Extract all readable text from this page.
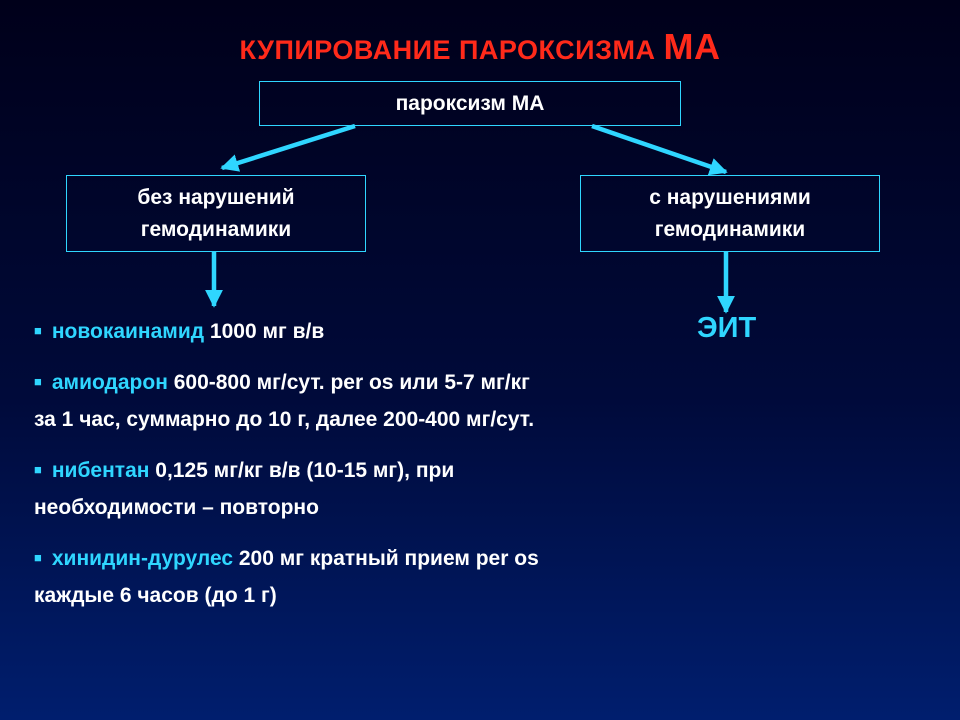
КУПИРОВАНИЕ ПАРОКСИЗМА МА
пароксизм МА
без нарушений
гемодинамики
с нарушениями
гемодинамики
ЭИТ
■ новокаинамид 1000 мг в/в
■ амиодарон 600-800 мг/сут. per os или 5-7 мг/кг за 1 час, суммарно до 10 г, далее 200-400 мг/сут.
■ нибентан 0,125 мг/кг в/в (10-15 мг), при необходимости – повторно
■ хинидин-дурулес 200 мг кратный прием per os каждые 6 часов (до 1 г)
